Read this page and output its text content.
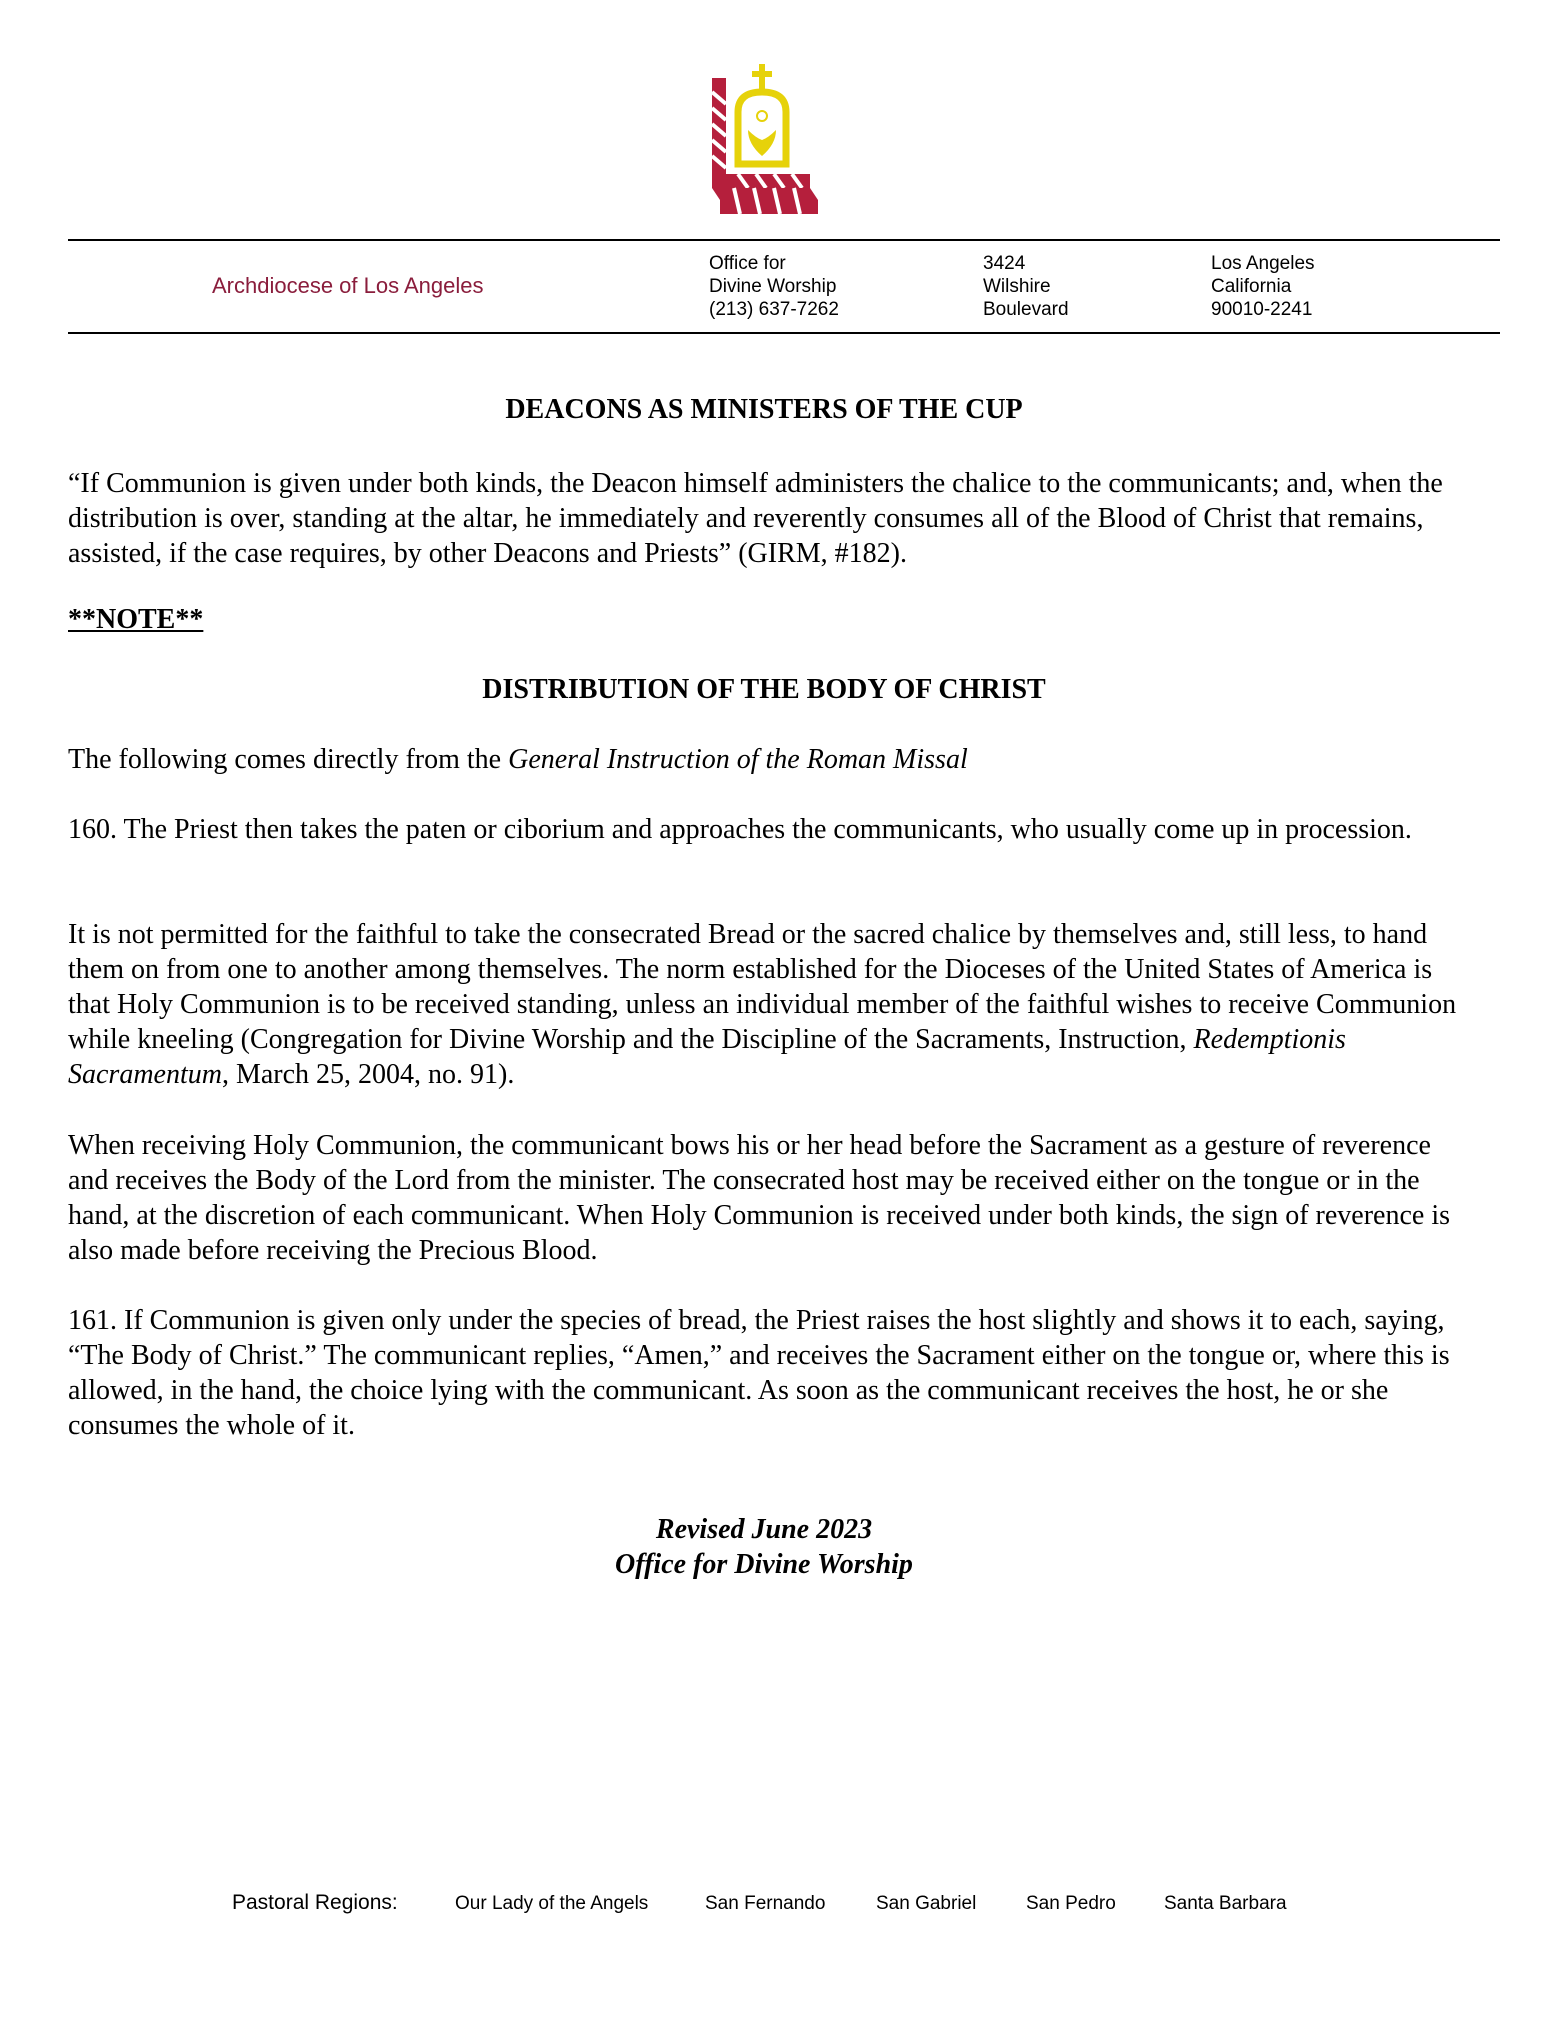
Archdiocese of Los Angeles
Office for
Divine Worship
(213) 637-7262
3424
Wilshire
Boulevard
Los Angeles
California
90010-2241
DEACONS AS MINISTERS OF THE CUP

“If Communion is given under both kinds, the Deacon himself administers the chalice to the communicants; and, when the distribution is over, standing at the altar, he immediately and reverently consumes all of the Blood of Christ that remains, assisted, if the case requires, by other Deacons and Priests” (GIRM, #182).

**NOTE**
DISTRIBUTION OF THE BODY OF CHRIST

The following comes directly from the General Instruction of the Roman Missal

160. The Priest then takes the paten or ciborium and approaches the communicants, who usually come up in procession.

It is not permitted for the faithful to take the consecrated Bread or the sacred chalice by themselves and, still less, to hand them on from one to another among themselves. The norm established for the Dioceses of the United States of America is that Holy Communion is to be received standing, unless an individual member of the faithful wishes to receive Communion while kneeling (Congregation for Divine Worship and the Discipline of the Sacraments, Instruction, Redemptionis Sacramentum, March 25, 2004, no. 91).

When receiving Holy Communion, the communicant bows his or her head before the Sacrament as a gesture of reverence and receives the Body of the Lord from the minister. The consecrated host may be received either on the tongue or in the hand, at the discretion of each communicant. When Holy Communion is received under both kinds, the sign of reverence is also made before receiving the Precious Blood.

161. If Communion is given only under the species of bread, the Priest raises the host slightly and shows it to each, saying, “The Body of Christ.” The communicant replies, “Amen,” and receives the Sacrament either on the tongue or, where this is allowed, in the hand, the choice lying with the communicant. As soon as the communicant receives the host, he or she consumes the whole of it.

Revised June 2023
Office for Divine Worship
Pastoral Regions:	Our Lady of the Angels	San Fernando	San Gabriel	San Pedro	Santa Barbara
